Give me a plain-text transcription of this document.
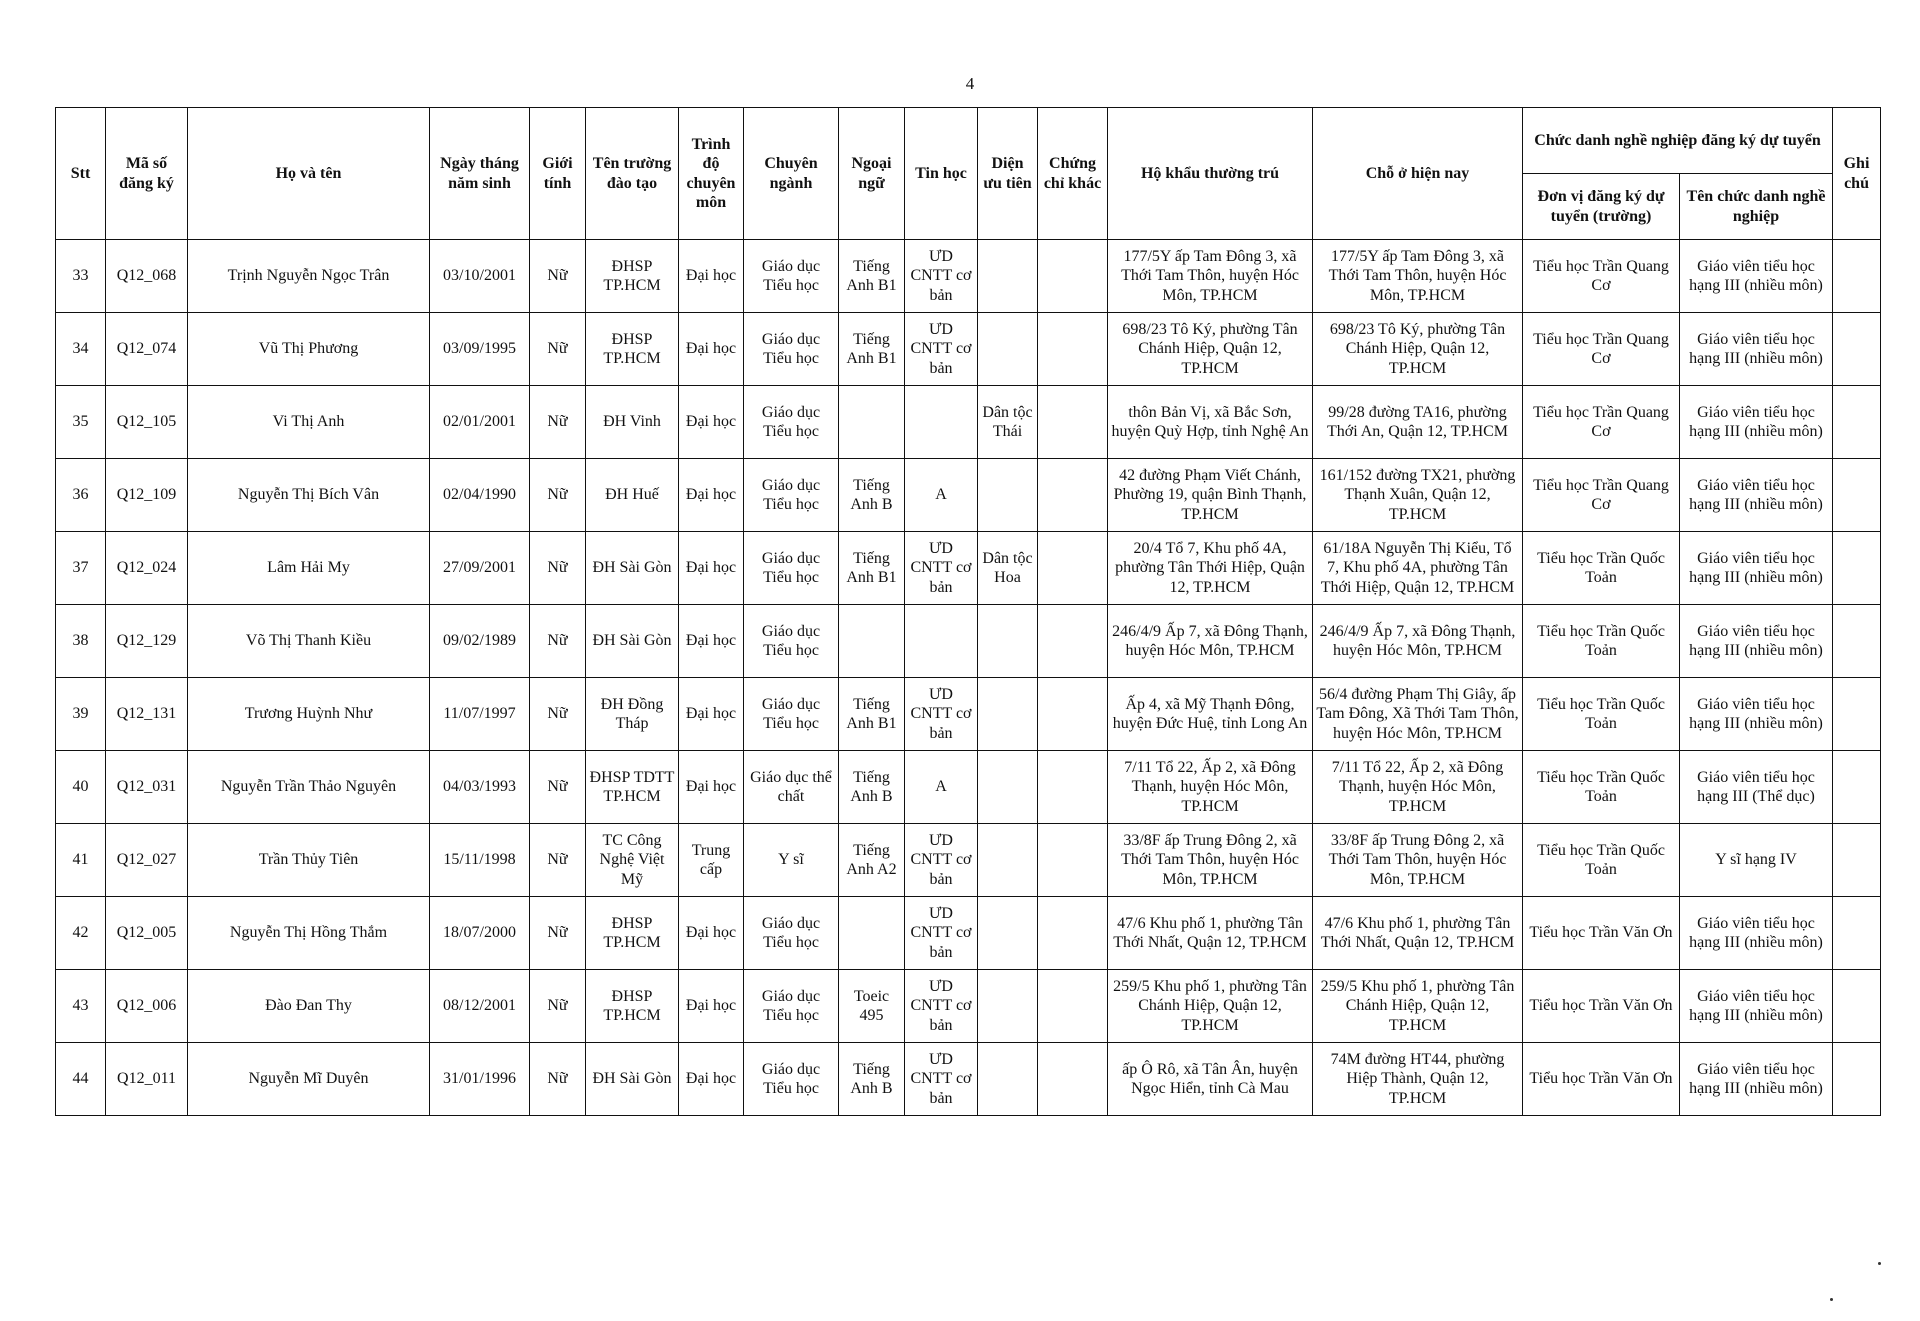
4
Stt	Mã số đăng ký	Họ và tên	Ngày tháng năm sinh	Giới tính	Tên trường đào tạo	Trình độ chuyên môn	Chuyên ngành	Ngoại ngữ	Tin học	Diện ưu tiên	Chứng chỉ khác	Hộ khẩu thường trú	Chỗ ở hiện nay	Chức danh nghề nghiệp đăng ký dự tuyển		Ghi chú
														Đơn vị đăng ký dự tuyển (trường)	Tên chức danh nghề nghiệp	
33	Q12_068	Trịnh Nguyễn Ngọc Trân	03/10/2001	Nữ	ĐHSP TP.HCM	Đại học	Giáo dục Tiểu học	Tiếng Anh B1	ƯD CNTT cơ bản			177/5Y ấp Tam Đông 3, xã Thới Tam Thôn, huyện Hóc Môn, TP.HCM	177/5Y ấp Tam Đông 3, xã Thới Tam Thôn, huyện Hóc Môn, TP.HCM	Tiểu học Trần Quang Cơ	Giáo viên tiểu học hạng III (nhiều môn)	
34	Q12_074	Vũ Thị Phương	03/09/1995	Nữ	ĐHSP TP.HCM	Đại học	Giáo dục Tiểu học	Tiếng Anh B1	ƯD CNTT cơ bản			698/23 Tô Ký, phường Tân Chánh Hiệp, Quận 12, TP.HCM	698/23 Tô Ký, phường Tân Chánh Hiệp, Quận 12, TP.HCM	Tiểu học Trần Quang Cơ	Giáo viên tiểu học hạng III (nhiều môn)	
35	Q12_105	Vi Thị Anh	02/01/2001	Nữ	ĐH Vinh	Đại học	Giáo dục Tiểu học			Dân tộc Thái		thôn Bản Vị, xã Bắc Sơn, huyện Quỳ Hợp, tỉnh Nghệ An	99/28 đường TA16, phường Thới An, Quận 12, TP.HCM	Tiểu học Trần Quang Cơ	Giáo viên tiểu học hạng III (nhiều môn)	
36	Q12_109	Nguyễn Thị Bích Vân	02/04/1990	Nữ	ĐH Huế	Đại học	Giáo dục Tiểu học	Tiếng Anh B	A			42 đường Phạm Viết Chánh, Phường 19, quận Bình Thạnh, TP.HCM	161/152 đường TX21, phường Thạnh Xuân, Quận 12, TP.HCM	Tiểu học Trần Quang Cơ	Giáo viên tiểu học hạng III (nhiều môn)	
37	Q12_024	Lâm Hải My	27/09/2001	Nữ	ĐH Sài Gòn	Đại học	Giáo dục Tiểu học	Tiếng Anh B1	ƯD CNTT cơ bản	Dân tộc Hoa		20/4 Tổ 7, Khu phố 4A, phường Tân Thới Hiệp, Quận 12, TP.HCM	61/18A Nguyễn Thị Kiểu, Tổ 7, Khu phố 4A, phường Tân Thới Hiệp, Quận 12, TP.HCM	Tiểu học Trần Quốc Toản	Giáo viên tiểu học hạng III (nhiều môn)	
38	Q12_129	Võ Thị Thanh Kiều	09/02/1989	Nữ	ĐH Sài Gòn	Đại học	Giáo dục Tiểu học					246/4/9 Ấp 7, xã Đông Thạnh, huyện Hóc Môn, TP.HCM	246/4/9 Ấp 7, xã Đông Thạnh, huyện Hóc Môn, TP.HCM	Tiểu học Trần Quốc Toản	Giáo viên tiểu học hạng III (nhiều môn)	
39	Q12_131	Trương Huỳnh Như	11/07/1997	Nữ	ĐH Đồng Tháp	Đại học	Giáo dục Tiểu học	Tiếng Anh B1	ƯD CNTT cơ bản			Ấp 4, xã Mỹ Thạnh Đông, huyện Đức Huệ, tỉnh Long An	56/4 đường Phạm Thị Giây, ấp Tam Đông, Xã Thới Tam Thôn, huyện Hóc Môn, TP.HCM	Tiểu học Trần Quốc Toản	Giáo viên tiểu học hạng III (nhiều môn)	
40	Q12_031	Nguyễn Trần Thảo Nguyên	04/03/1993	Nữ	ĐHSP TDTT TP.HCM	Đại học	Giáo dục thể chất	Tiếng Anh B	A			7/11 Tổ 22, Ấp 2, xã Đông Thạnh, huyện Hóc Môn, TP.HCM	7/11 Tổ 22, Ấp 2, xã Đông Thạnh, huyện Hóc Môn, TP.HCM	Tiểu học Trần Quốc Toản	Giáo viên tiểu học hạng III (Thể dục)	
41	Q12_027	Trần Thủy Tiên	15/11/1998	Nữ	TC Công Nghệ Việt Mỹ	Trung cấp	Y sĩ	Tiếng Anh A2	ƯD CNTT cơ bản			33/8F ấp Trung Đông 2, xã Thới Tam Thôn, huyện Hóc Môn, TP.HCM	33/8F ấp Trung Đông 2, xã Thới Tam Thôn, huyện Hóc Môn, TP.HCM	Tiểu học Trần Quốc Toản	Y sĩ hạng IV	
42	Q12_005	Nguyễn Thị Hồng Thắm	18/07/2000	Nữ	ĐHSP TP.HCM	Đại học	Giáo dục Tiểu học		ƯD CNTT cơ bản			47/6 Khu phố 1, phường Tân Thới Nhất, Quận 12, TP.HCM	47/6 Khu phố 1, phường Tân Thới Nhất, Quận 12, TP.HCM	Tiểu học Trần Văn Ơn	Giáo viên tiểu học hạng III (nhiều môn)	
43	Q12_006	Đào Đan Thy	08/12/2001	Nữ	ĐHSP TP.HCM	Đại học	Giáo dục Tiểu học	Toeic 495	ƯD CNTT cơ bản			259/5 Khu phố 1, phường Tân Chánh Hiệp, Quận 12, TP.HCM	259/5 Khu phố 1, phường Tân Chánh Hiệp, Quận 12, TP.HCM	Tiểu học Trần Văn Ơn	Giáo viên tiểu học hạng III (nhiều môn)	
44	Q12_011	Nguyễn Mĩ Duyên	31/01/1996	Nữ	ĐH Sài Gòn	Đại học	Giáo dục Tiểu học	Tiếng Anh B	ƯD CNTT cơ bản			ấp Ô Rô, xã Tân Ân, huyện Ngọc Hiển, tỉnh Cà Mau	74M đường HT44, phường Hiệp Thành, Quận 12, TP.HCM	Tiểu học Trần Văn Ơn	Giáo viên tiểu học hạng III (nhiều môn)	
